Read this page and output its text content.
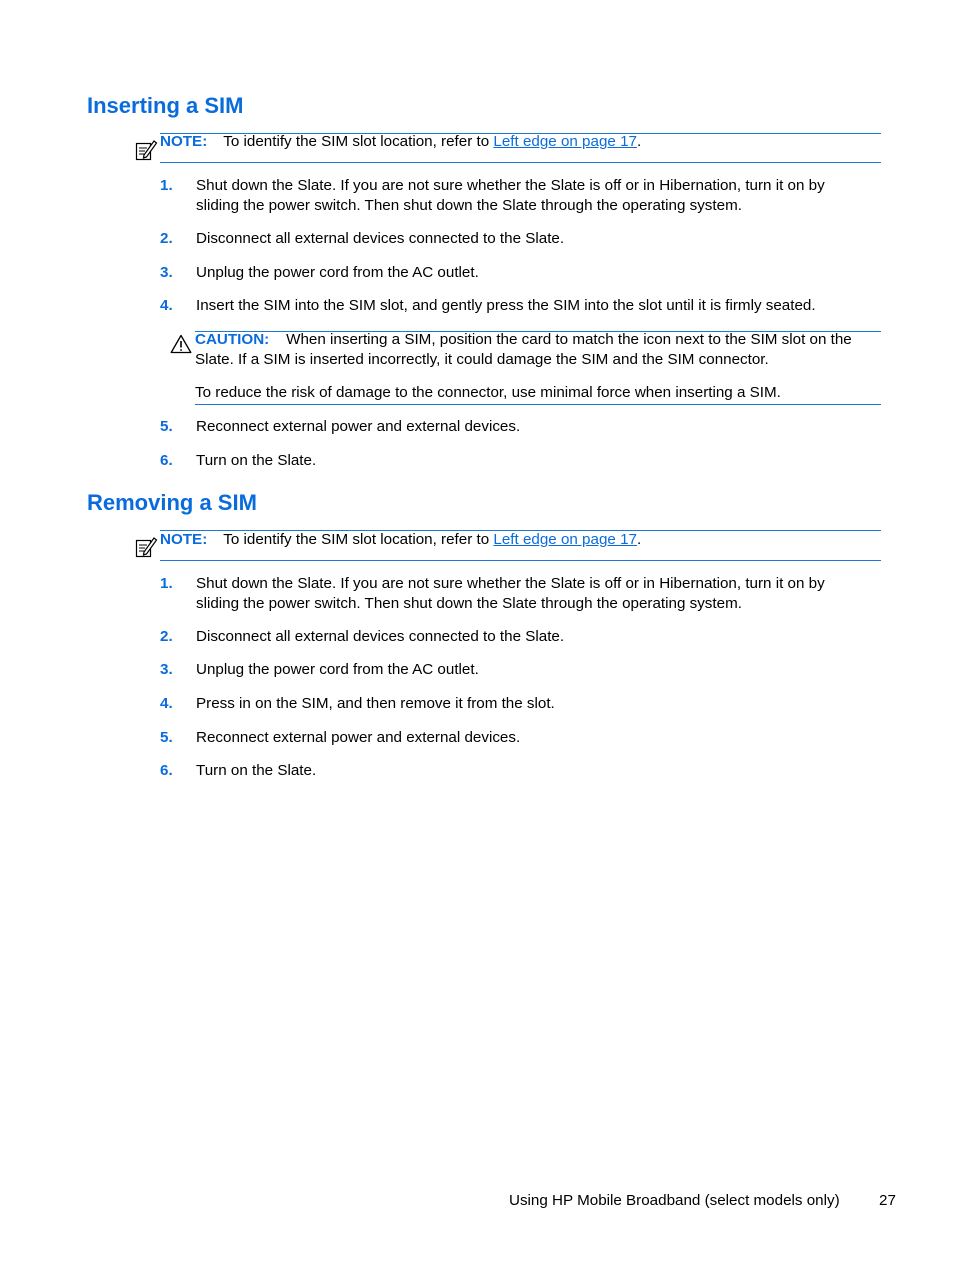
Inserting a SIM
NOTE: To identify the SIM slot location, refer to Left edge on page 17.
1. Shut down the Slate. If you are not sure whether the Slate is off or in Hibernation, turn it on by sliding the power switch. Then shut down the Slate through the operating system.
2. Disconnect all external devices connected to the Slate.
3. Unplug the power cord from the AC outlet.
4. Insert the SIM into the SIM slot, and gently press the SIM into the slot until it is firmly seated.
CAUTION: When inserting a SIM, position the card to match the icon next to the SIM slot on the Slate. If a SIM is inserted incorrectly, it could damage the SIM and the SIM connector.
To reduce the risk of damage to the connector, use minimal force when inserting a SIM.
5. Reconnect external power and external devices.
6. Turn on the Slate.
Removing a SIM
NOTE: To identify the SIM slot location, refer to Left edge on page 17.
1. Shut down the Slate. If you are not sure whether the Slate is off or in Hibernation, turn it on by sliding the power switch. Then shut down the Slate through the operating system.
2. Disconnect all external devices connected to the Slate.
3. Unplug the power cord from the AC outlet.
4. Press in on the SIM, and then remove it from the slot.
5. Reconnect external power and external devices.
6. Turn on the Slate.
Using HP Mobile Broadband (select models only)	27
